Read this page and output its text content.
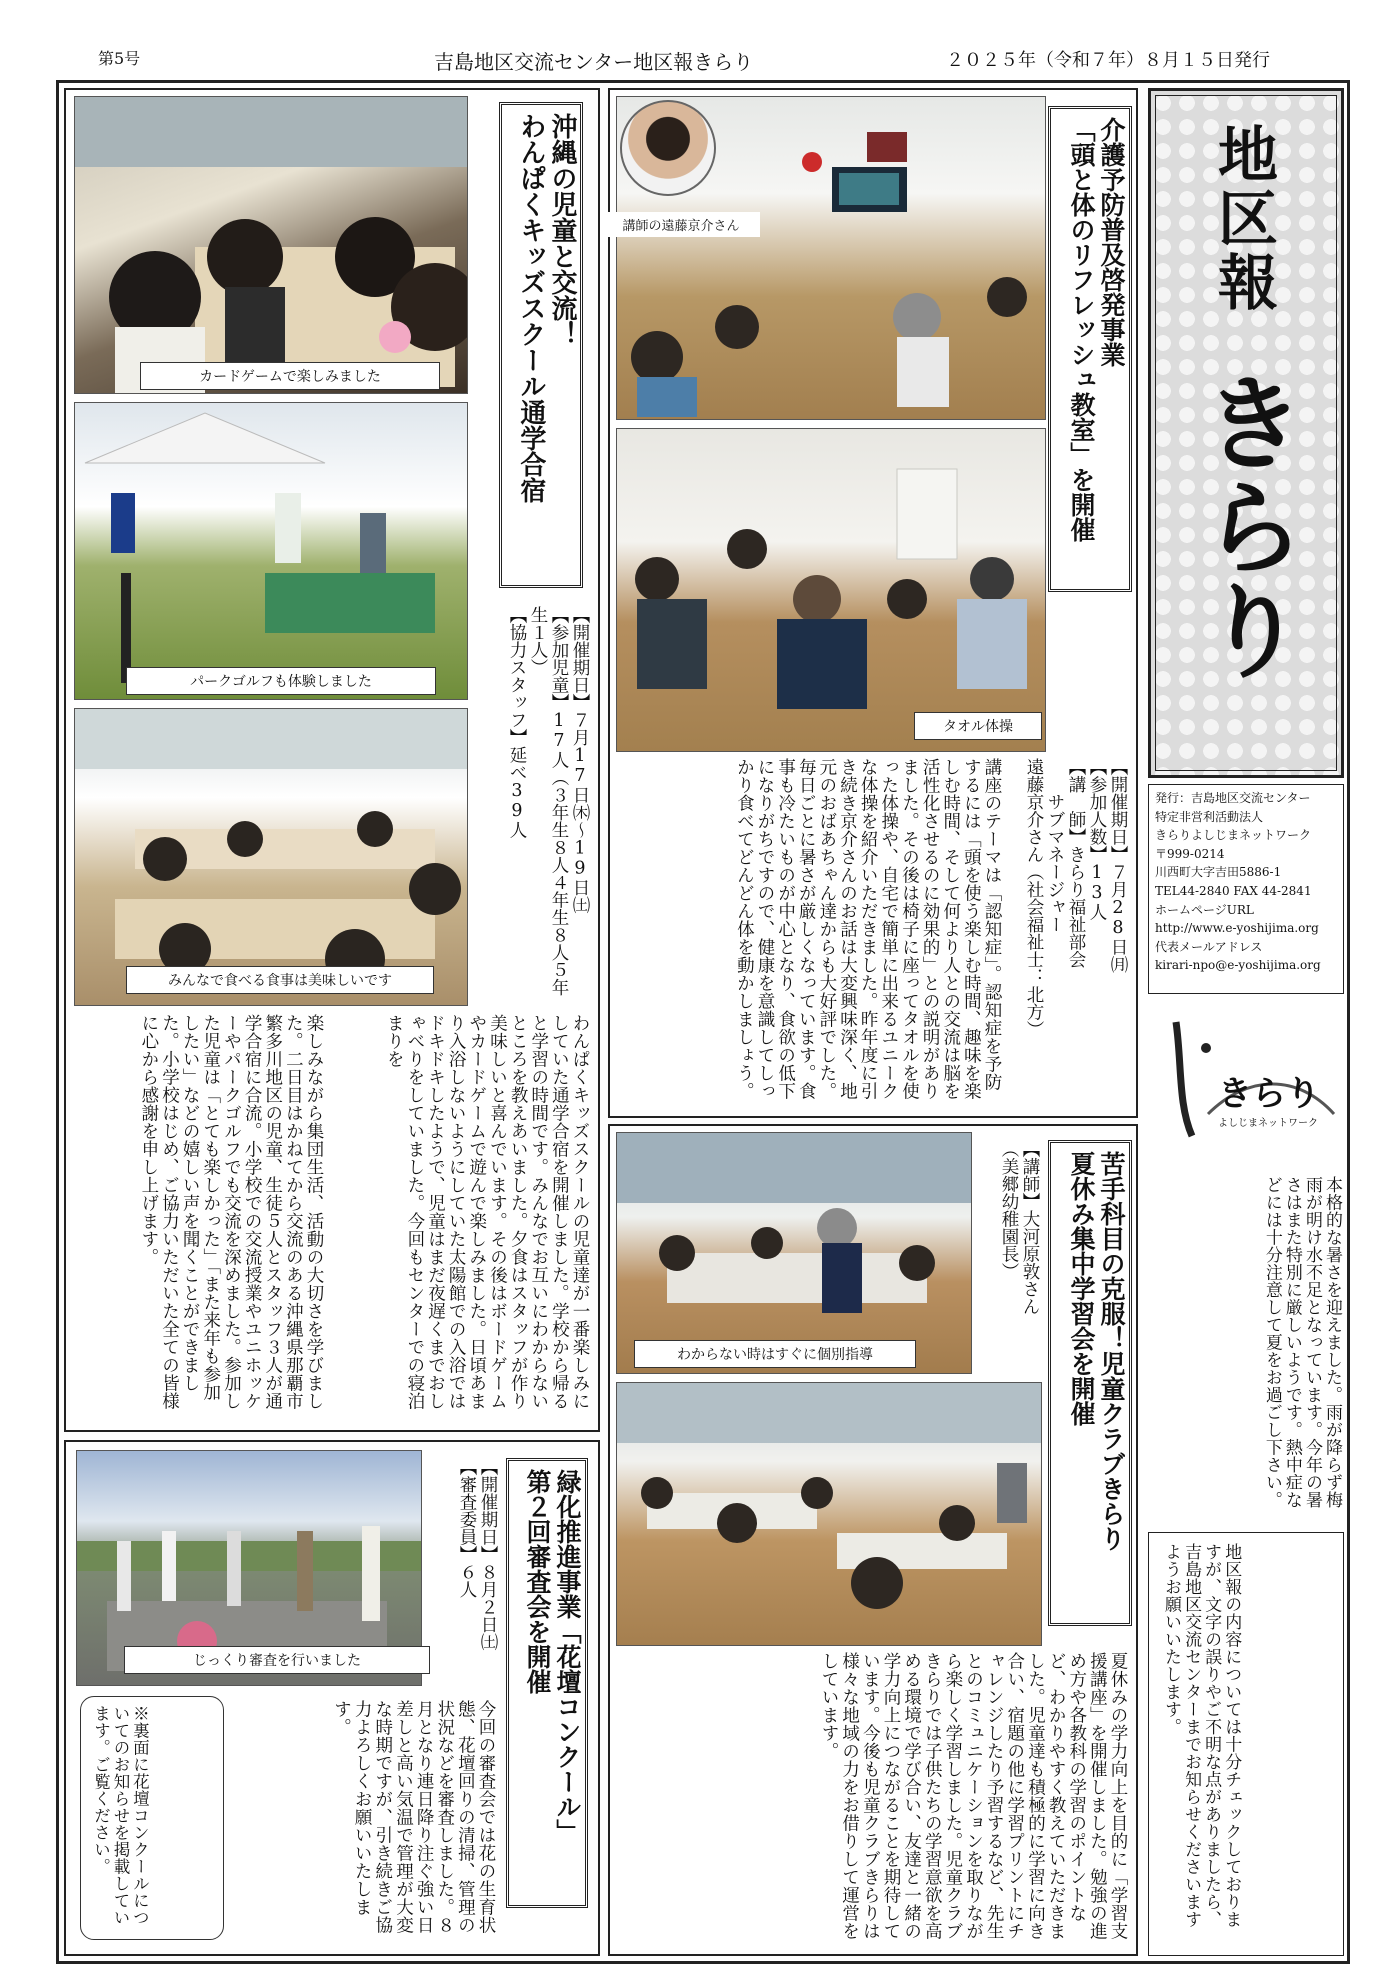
第5号	吉島地区交流センター地区報きらり	２０２５年（令和７年）８月１５日発行
カードゲームで楽しみました
パークゴルフも体験しました
みんなで食べる食事は美味しいです
沖縄の児童と交流！
わんぱくキッズスクール通学合宿
【開催期日】７月17日㈭～19日㈯
【参加児童】17人（３年生８人４年生８人５年生１人）
【協力スタッフ】延べ39人
わんぱくキッズスクールの児童達が一番楽しみにしていた通学合宿を開催しました。学校から帰ると学習の時間です。みんなでお互いにわからないところを教えあいました。夕食はスタッフが作り美味しいと喜んでいます。その後はボードゲームやカードゲームで遊んで楽しみました。日頃あまり入浴しないようにしていた太陽館での入浴ではドキドキしたようで、児童はまだ夜遅くまでおしゃべりをしていました。今回もセンターでの寝泊まりを
楽しみながら集団生活、活動の大切さを学びました。二日目はかねてから交流のある沖縄県那覇市繁多川地区の児童、生徒５人とスタッフ３人が通学合宿に合流。小学校での交流授業やユニホッケーやパークゴルフでも交流を深めました。参加した児童は「とても楽しかった」「また来年も参加したい」などの嬉しい声を聞くことができました。小学校はじめ、ご協力いただいた全ての皆様に心から感謝を申し上げます。
じっくり審査を行いました	緑化推進事業「花壇コンクール」
第２回審査会を開催
【開催期日】８月２日㈯
【審査委員】６人
今回の審査会では花の生育状態、花壇回りの清掃、管理の状況などを審査しました。８月となり連日降り注ぐ強い日差しと高い気温で管理が大変な時期ですが、引き続きご協力よろしくお願いいたします。
※裏面に花壇コンクールについてのお知らせを掲載しています。ご覧ください。
講師の遠藤京介さん
タオル体操
介護予防普及啓発事業
「頭と体のリフレッシュ教室」を開催
【開催期日】７月28日㈪
【参加人数】13人
【講　師】きらり福祉部会
　　サブマネージャー
遠藤京介さん（社会福祉士：北方）
講座のテーマは「認知症」。認知症を予防するには「頭を使う楽しむ時間、趣味を楽しむ時間、そして何より人との交流は脳を活性化させるのに効果的」との説明がありました。その後は椅子に座ってタオルを使った体操や、自宅で簡単に出来るユニークな体操を紹介いただきました。昨年度に引き続き京介さんのお話は大変興味深く、地元のおばあちゃん達からも大好評でした。毎日ごとに暑さが厳しくなっています。食事も冷たいものが中心となり、食欲の低下になりがちですので、健康を意識してしっかり食べてどんどん体を動かしましょう。
わからない時はすぐに個別指導	苦手科目の克服！児童クラブきらり
夏休み集中学習会を開催
【講師】大河原敦さん
（美郷幼稚園長）
夏休みの学力向上を目的に「学習支援講座」を開催しました。勉強の進め方や各教科の学習のポイントなど、わかりやすく教えていただきました。児童達も積極的に学習に向き合い、宿題の他に学習プリントにチャレンジしたり予習するなど、先生とのコミュニケーションを取りながら楽しく学習しました。児童クラブきらりでは子供たちの学習意欲を高める環境で学び合い、友達と一緒の学力向上につながることを期待しています。今後も児童クラブきらりは様々な地域の力をお借りして運営をしています。
地区報
きらり
発行：吉島地区交流センター
特定非営利活動法人
きらりよしじまネットワーク
〒999-0214
川西町大字吉田5886-1
TEL44-2840 FAX 44-2841
ホームページURL
http://www.e-yoshijima.org
代表メールアドレス
kirari-npo@e-yoshijima.org
きらり
よしじまネットワーク
本格的な暑さを迎えました。雨が降らず梅雨が明け水不足となっています。今年の暑さはまた特別に厳しいようです。熱中症などには十分注意して夏をお過ごし下さい。
地区報の内容については十分チェックしておりますが、文字の誤りやご不明な点がありましたら、吉島地区交流センターまでお知らせくださいますようお願いいたします。
